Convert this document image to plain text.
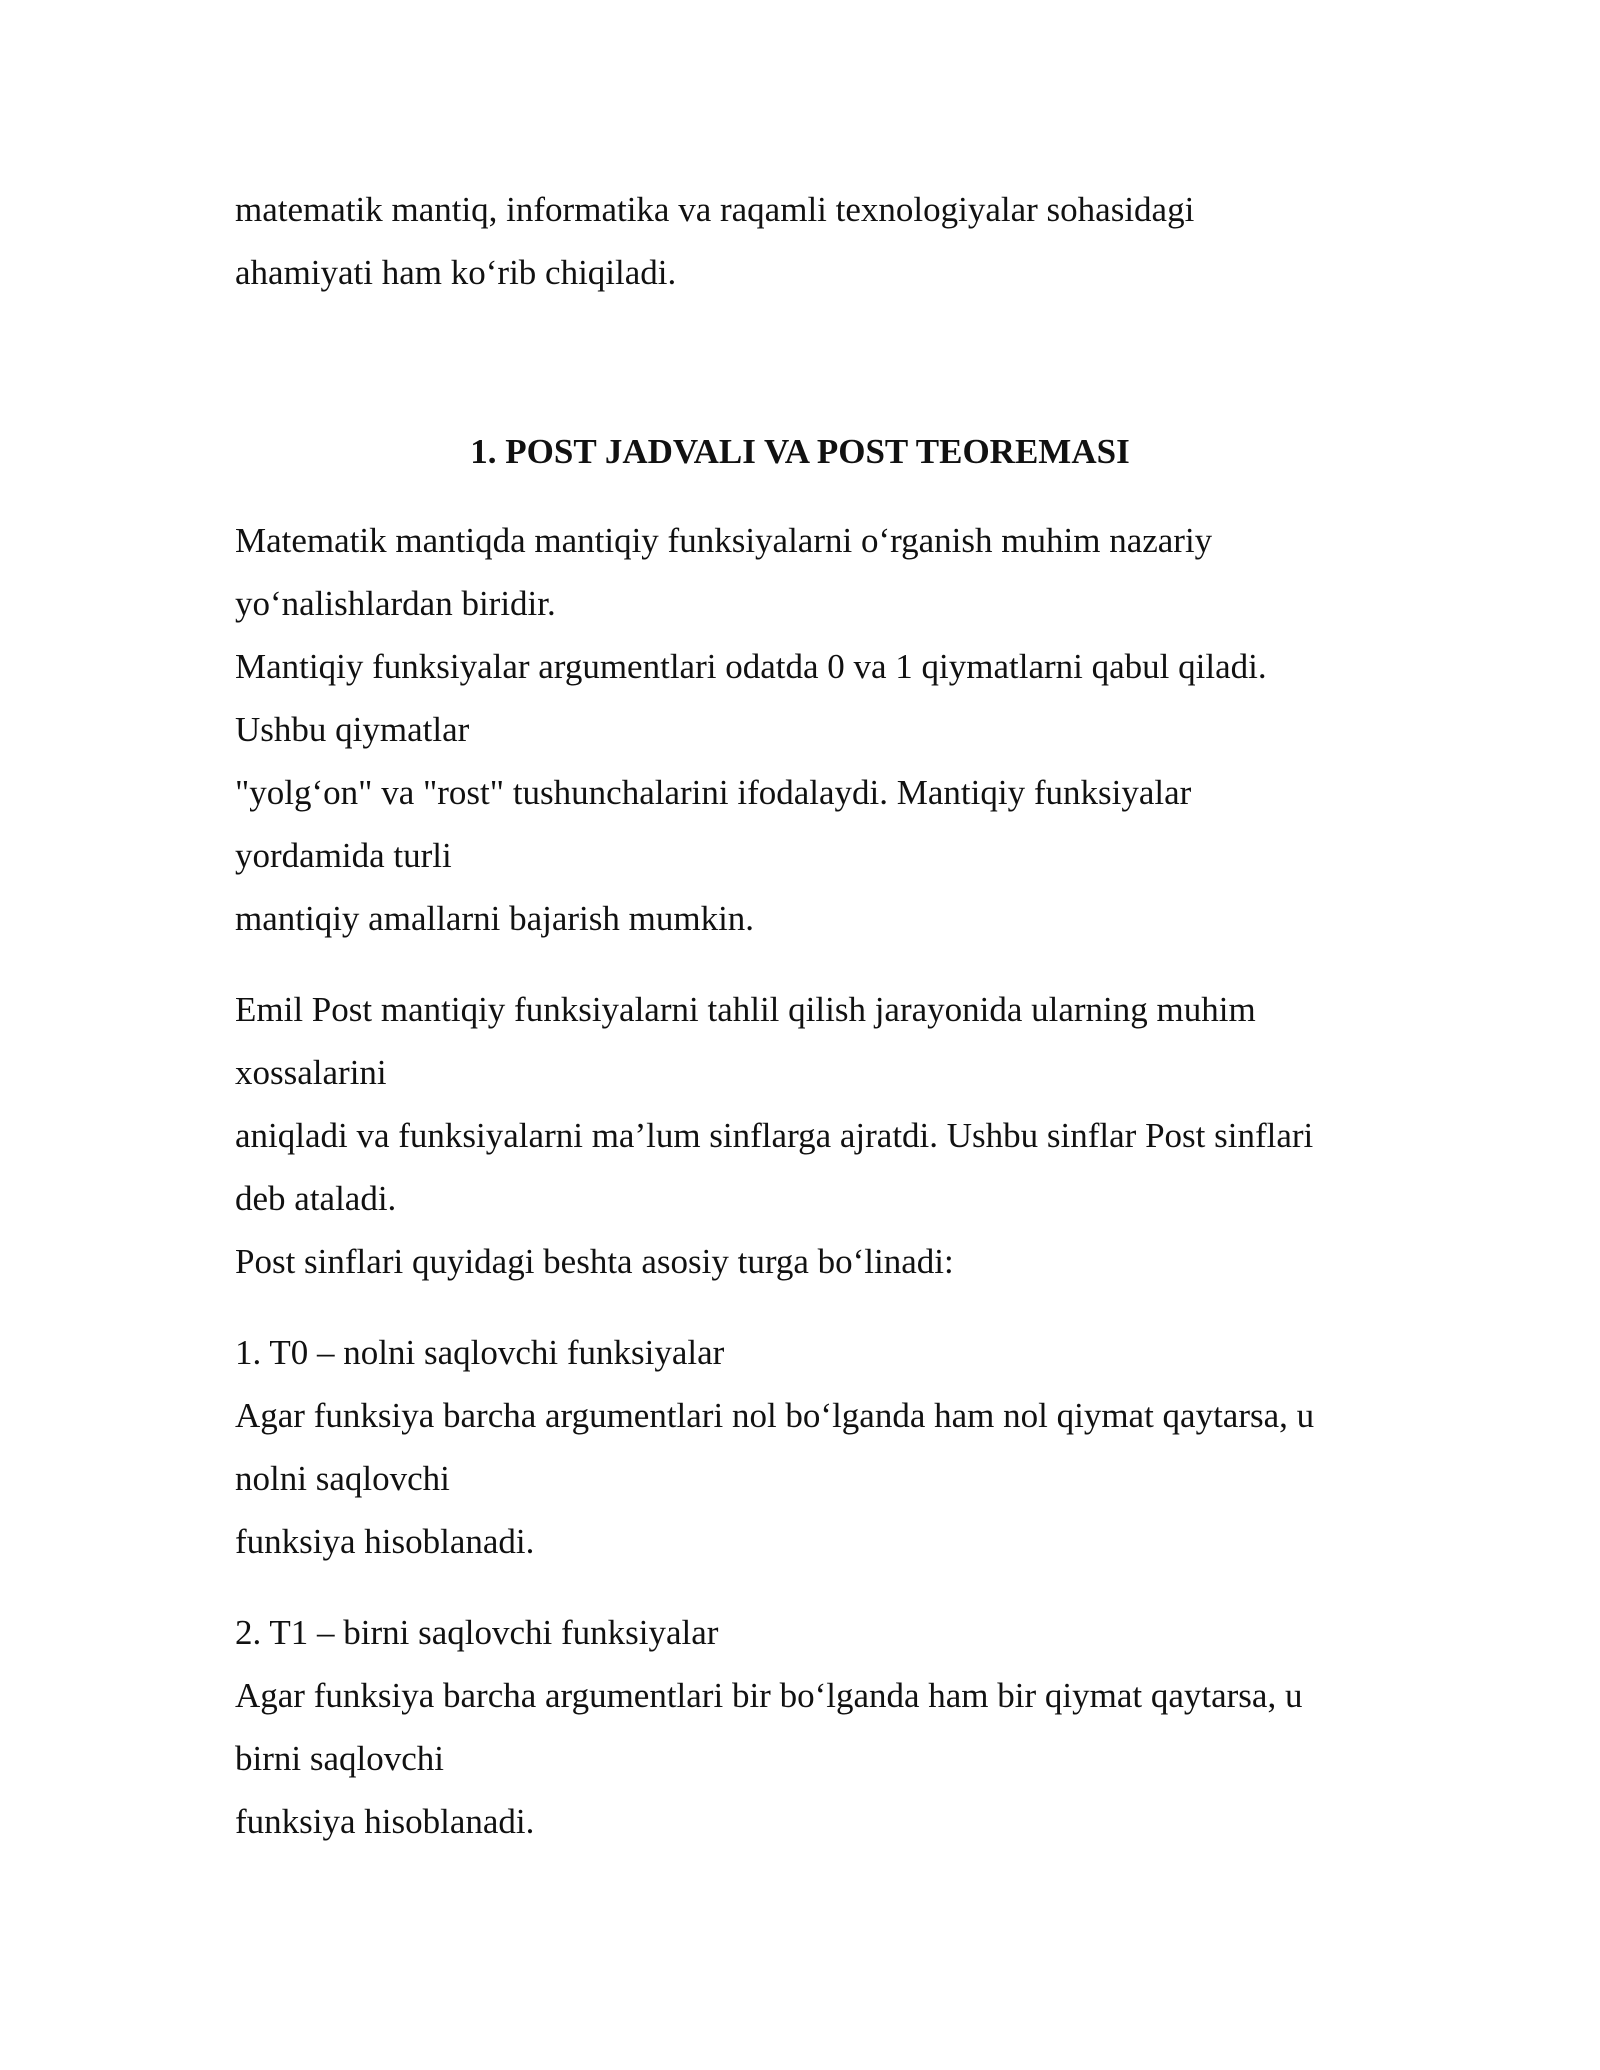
matematik mantiq, informatika va raqamli texnologiyalar sohasidagi
ahamiyati ham ko‘rib chiqiladi.
1. POST JADVALI VA POST TEOREMASI
Matematik mantiqda mantiqiy funksiyalarni o‘rganish muhim nazariy
yo‘nalishlardan biridir.
Mantiqiy funksiyalar argumentlari odatda 0 va 1 qiymatlarni qabul qiladi.
Ushbu qiymatlar
"yolg‘on" va "rost" tushunchalarini ifodalaydi. Mantiqiy funksiyalar
yordamida turli
mantiqiy amallarni bajarish mumkin.
Emil Post mantiqiy funksiyalarni tahlil qilish jarayonida ularning muhim
xossalarini
aniqladi va funksiyalarni ma’lum sinflarga ajratdi. Ushbu sinflar Post sinflari
deb ataladi.
Post sinflari quyidagi beshta asosiy turga bo‘linadi:
1. T0 – nolni saqlovchi funksiyalar
Agar funksiya barcha argumentlari nol bo‘lganda ham nol qiymat qaytarsa, u
nolni saqlovchi
funksiya hisoblanadi.
2. T1 – birni saqlovchi funksiyalar
Agar funksiya barcha argumentlari bir bo‘lganda ham bir qiymat qaytarsa, u
birni saqlovchi
funksiya hisoblanadi.
